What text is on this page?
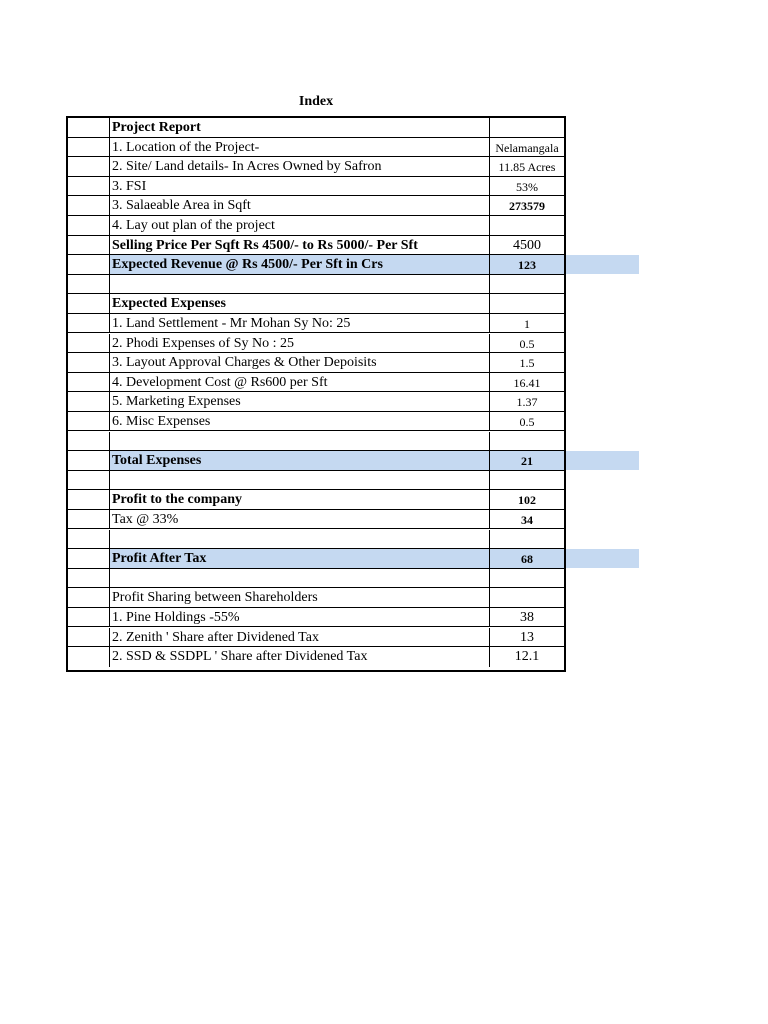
Index
Project Report
1. Location of the Project-	Nelamangala
2. Site/ Land details- In Acres Owned by Safron	11.85 Acres
3. FSI	53%
3. Salaeable Area in Sqft	273579
4. Lay out plan of the project
Selling Price Per Sqft Rs 4500/- to Rs 5000/- Per Sft	4500
Expected Revenue @ Rs 4500/- Per Sft in Crs	123
Expected Expenses
1. Land Settlement - Mr Mohan Sy No: 25	1
2. Phodi Expenses of Sy No : 25	0.5
3. Layout Approval Charges & Other Depoisits	1.5
4. Development Cost @ Rs600 per Sft	16.41
5. Marketing Expenses	1.37
6. Misc Expenses	0.5
Total Expenses	21
Profit to the company	102
Tax @ 33%	34
Profit After Tax	68
Profit Sharing between Shareholders
1. Pine Holdings -55%	38
2. Zenith ' Share after Dividened Tax	13
2. SSD & SSDPL ' Share after Dividened Tax	12.1
